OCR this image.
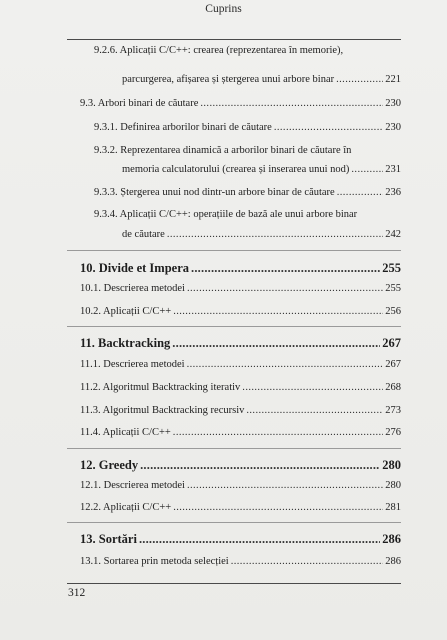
Cuprins
9.2.6. Aplicații C/C++: crearea (reprezentarea în memorie),
parcurgerea, afișarea și ștergerea unui arbore binar .....	221
9.3. Arbori binari de căutare .....	230
9.3.1. Definirea arborilor binari de căutare .....	230
9.3.2. Reprezentarea dinamică a arborilor binari de căutare în
memoria calculatorului (crearea și inserarea unui nod) .....	231
9.3.3. Ștergerea unui nod dintr-un arbore binar de căutare .....	236
9.3.4. Aplicații C/C++: operațiile de bază ale unui arbore binar
de căutare .....	242
10. Divide et Impera .....	255
10.1. Descrierea metodei .....	255
10.2. Aplicații C/C++ .....	256
11. Backtracking .....	267
11.1. Descrierea metodei .....	267
11.2. Algoritmul Backtracking iterativ .....	268
11.3. Algoritmul Backtracking recursiv .....	273
11.4. Aplicații C/C++ .....	276
12. Greedy .....	280
12.1. Descrierea metodei .....	280
12.2. Aplicații C/C++ .....	281
13. Sortări .....	286
13.1. Sortarea prin metoda selecției .....	286
312
